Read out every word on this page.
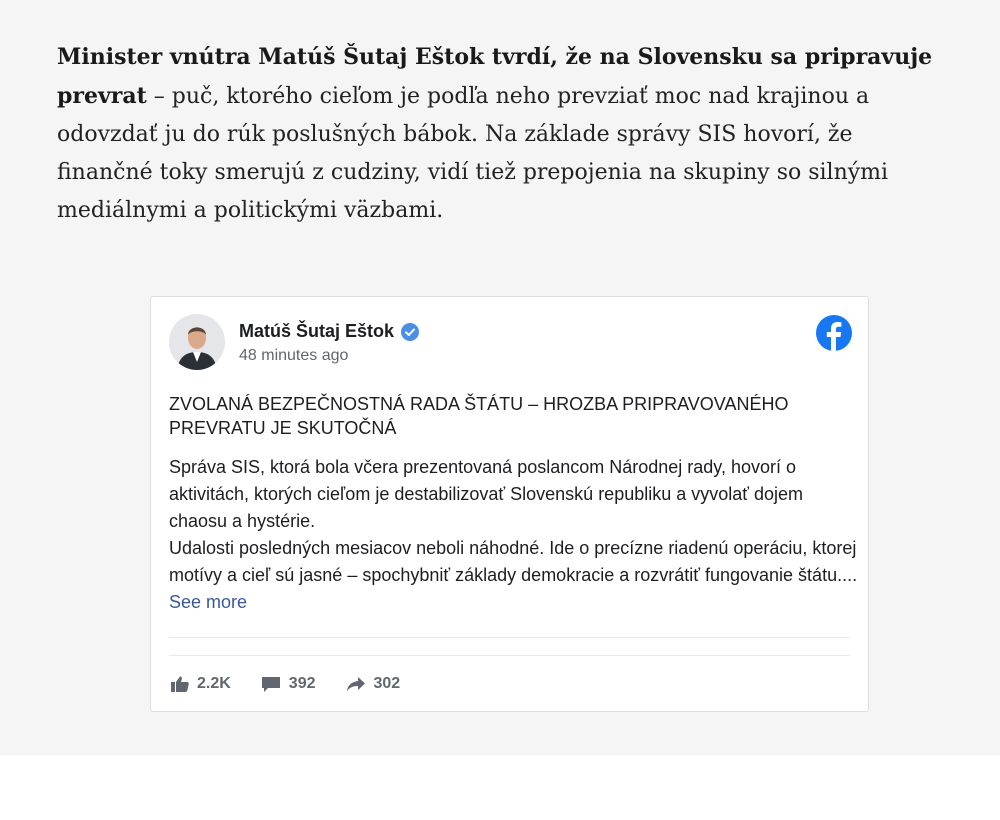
Minister vnútra Matúš Šutaj Eštok tvrdí, že na Slovensku sa pripravuje prevrat – puč, ktorého cieľom je podľa neho prevziať moc nad krajinou a odovzdať ju do rúk poslušných bábok. Na základe správy SIS hovorí, že finančné toky smerujú z cudziny, vidí tiež prepojenia na skupiny so silnými mediálnymi a politickými väzbami.

Matúš Šutaj Eštok
48 minutes ago
ZVOLANÁ BEZPEČNOSTNÁ RADA ŠTÁTU – HROZBA PRIPRAVOVANÉHO PREVRATU JE SKUTOČNÁ

Správa SIS, ktorá bola včera prezentovaná poslancom Národnej rady, hovorí o aktivitách, ktorých cieľom je destabilizovať Slovenskú republiku a vyvolať dojem chaosu a hystérie.

Udalosti posledných mesiacov neboli náhodné. Ide o precízne riadenú operáciu, ktorej motívy a cieľ sú jasné – spochybniť základy demokracie a rozvrátiť fungovanie štátu.... See more

2.2K	392	302
